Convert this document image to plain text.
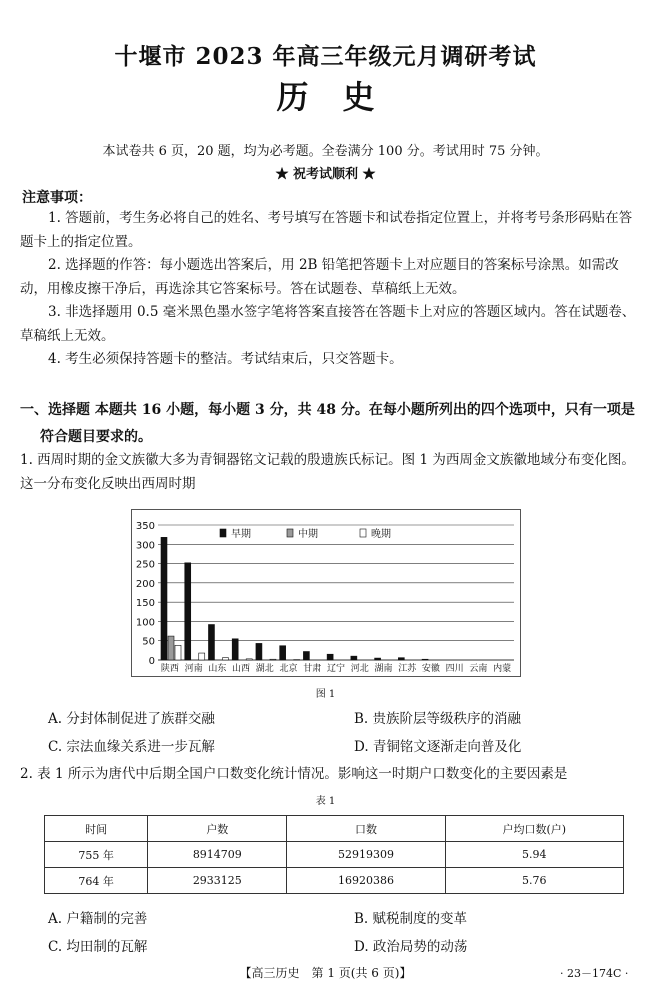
十堰市 2023 年高三年级元月调研考试
历史
本试卷共 6 页，20 题，均为必考题。全卷满分 100 分。考试用时 75 分钟。
★ 祝考试顺利 ★
注意事项：

1. 答题前，考生务必将自己的姓名、考号填写在答题卡和试卷指定位置上，并将考号条形码贴在答题卡上的指定位置。

2. 选择题的作答：每小题选出答案后，用 2B 铅笔把答题卡上对应题目的答案标号涂黑。如需改动，用橡皮擦干净后，再选涂其它答案标号。答在试题卷、草稿纸上无效。

3. 非选择题用 0.5 毫米黑色墨水签字笔将答案直接答在答题卡上对应的答题区域内。答在试题卷、草稿纸上无效。

4. 考生必须保持答题卡的整洁。考试结束后，只交答题卡。

一、选择题 本题共 16 小题，每小题 3 分，共 48 分。在每小题所列出的四个选项中，只有一项是
符合题目要求的。
1. 西周时期的金文族徽大多为青铜器铭文记载的殷遗族氏标记。图 1 为西周金文族徽地域分布变化图。这一分布变化反映出西周时期
0
50
100
150
200
250
300
350
陕西 河南 山东 山西 湖北 北京 甘肃 辽宁 河北 湖南 江苏 安徽 四川 云南 内蒙
早期	中期	晚期
图 1
A. 分封体制促进了族群交融	B. 贵族阶层等级秩序的消融
C. 宗法血缘关系进一步瓦解	D. 青铜铭文逐渐走向普及化
2. 表 1 所示为唐代中后期全国户口数变化统计情况。影响这一时期户口数变化的主要因素是
表 1
时间	户数	口数	户均口数(户)
755 年	8914709	52919309	5.94
764 年	2933125	16920386	5.76
A. 户籍制的完善	B. 赋税制度的变革
C. 均田制的瓦解	D. 政治局势的动荡
【高三历史　第 1 页(共 6 页)】	· 23－174C ·
